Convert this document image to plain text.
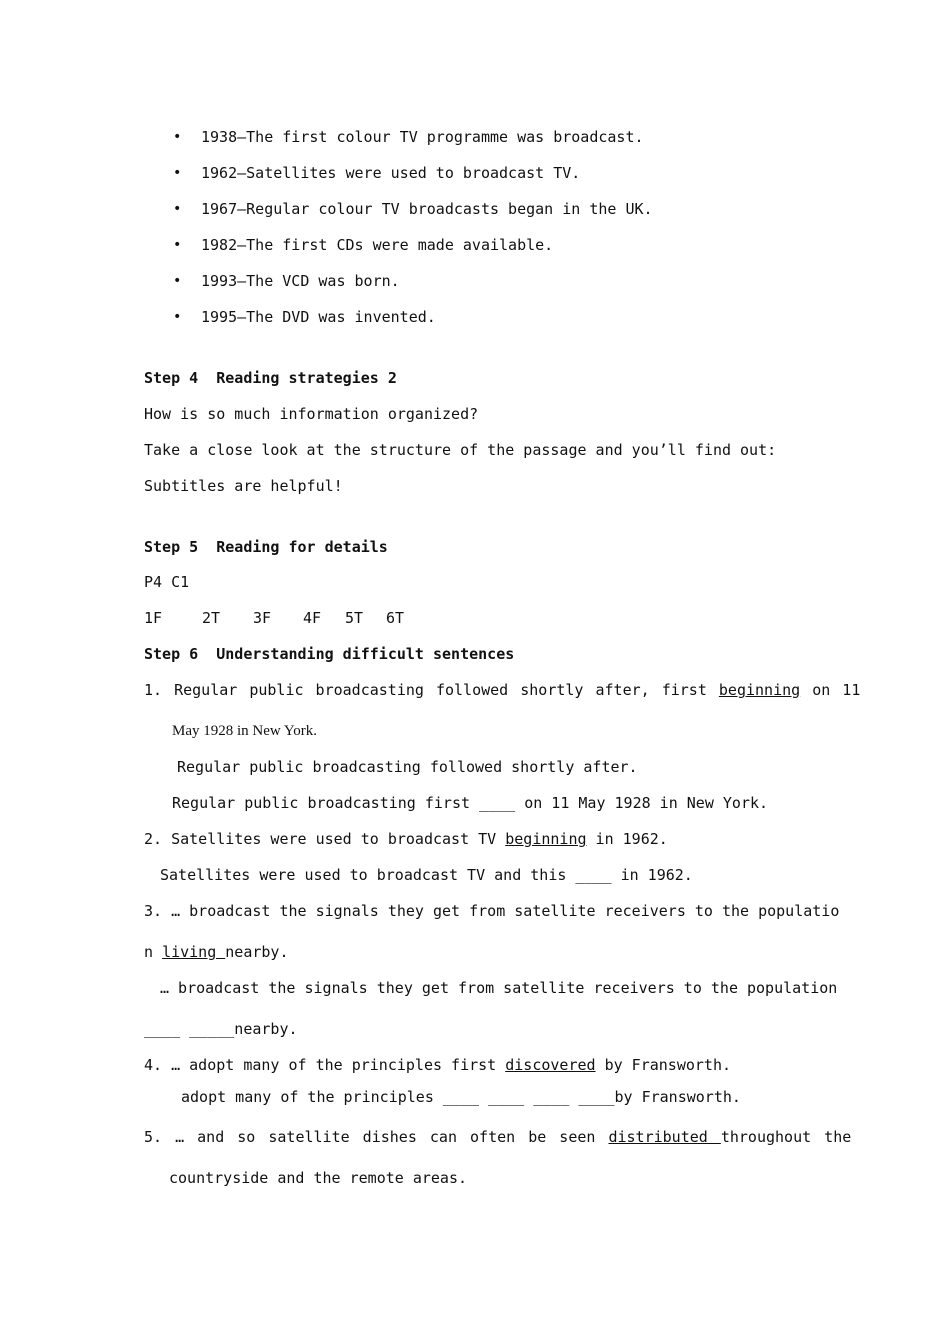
• 1938—The first colour TV programme was broadcast.
• 1962—Satellites were used to broadcast TV.
• 1967—Regular colour TV broadcasts began in the UK.
• 1982—The first CDs were made available.
• 1993—The VCD was born.
• 1995—The DVD was invented.
Step 4  Reading strategies 2
How is so much information organized?
Take a close look at the structure of the passage and you’ll find out:
Subtitles are helpful!
Step 5  Reading for details
P4 C1
1F	2T 3F 4F 5T 6T
Step 6  Understanding difficult sentences
1. Regular public broadcasting followed shortly after, first beginning on 11
May 1928 in New York.
Regular public broadcasting followed shortly after.
Regular public broadcasting first ____ on 11 May 1928 in New York.
2. Satellites were used to broadcast TV beginning in 1962.
Satellites were used to broadcast TV and this ____ in 1962.
3. … broadcast the signals they get from satellite receivers to the populatio
n living nearby.
… broadcast the signals they get from satellite receivers to the population
____ _____nearby.
4. … adopt many of the principles first discovered by Fransworth.
adopt many of the principles ____ ____ ____ ____by Fransworth.
5. … and so satellite dishes can often be seen distributed throughout the
countryside and the remote areas.
